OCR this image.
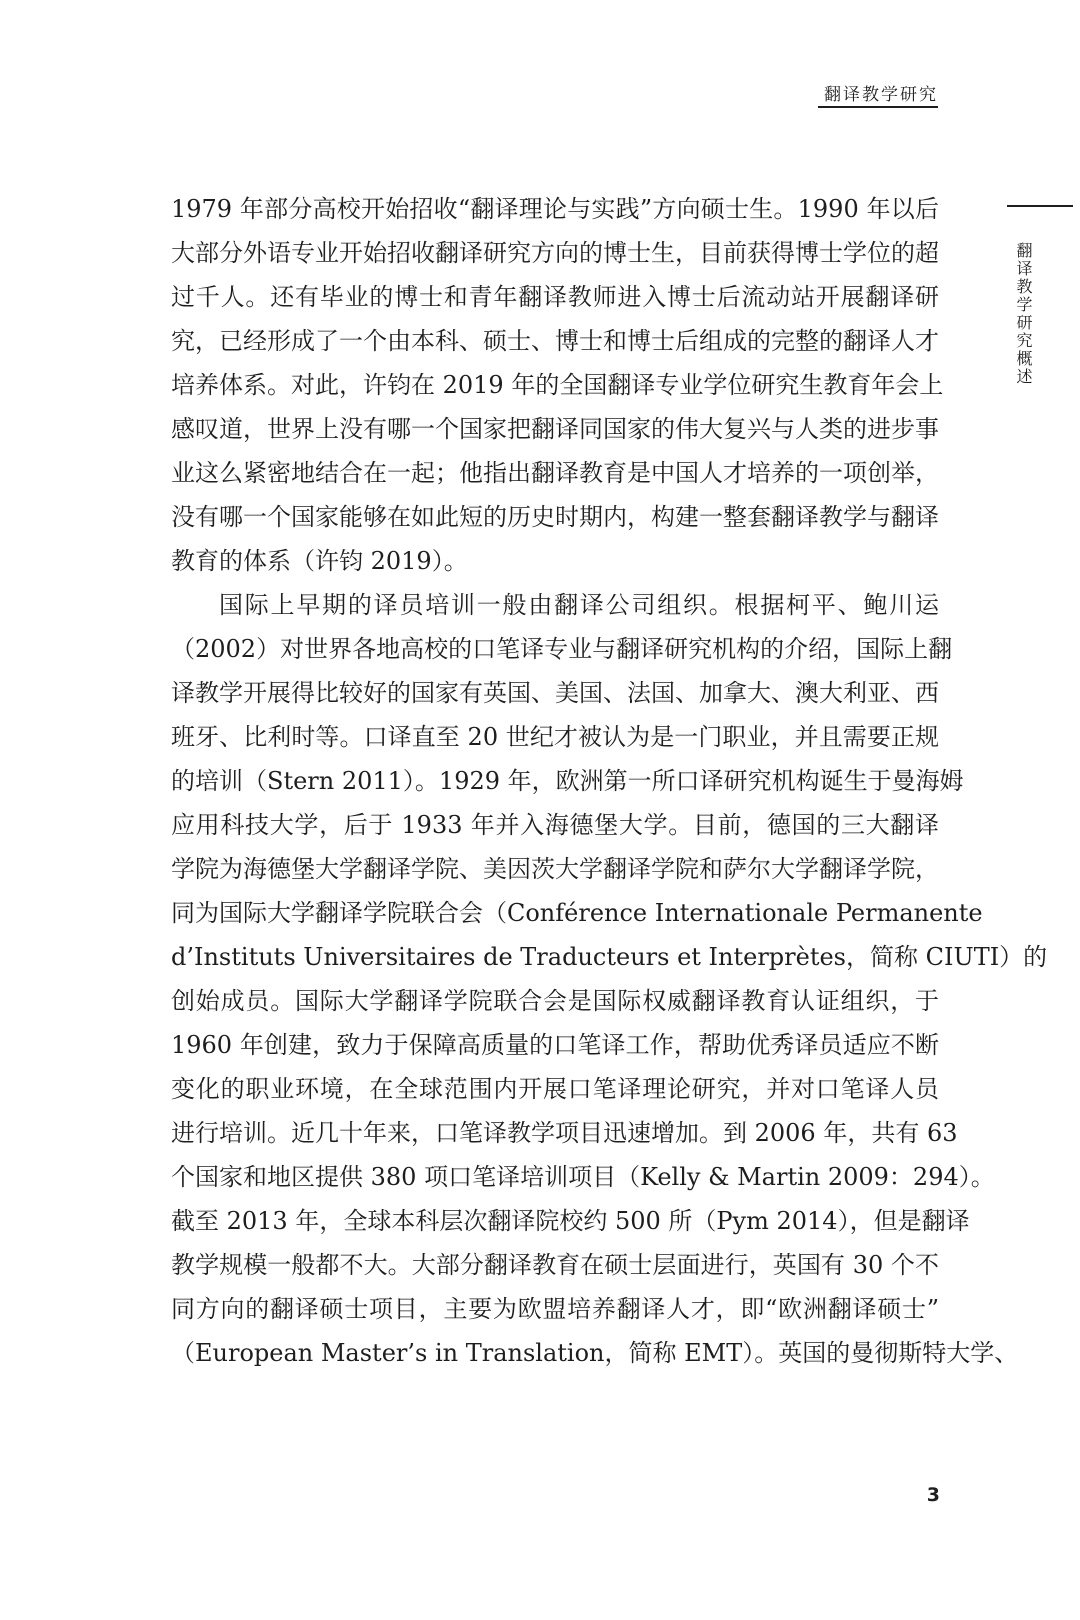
翻译教学研究
翻译教学研究概述
1979 年部分高校开始招收“翻译理论与实践”方向硕士生。1990 年以后
大部分外语专业开始招收翻译研究方向的博士生，目前获得博士学位的超
过千人。还有毕业的博士和青年翻译教师进入博士后流动站开展翻译研
究，已经形成了一个由本科、硕士、博士和博士后组成的完整的翻译人才
培养体系。对此，许钧在 2019 年的全国翻译专业学位研究生教育年会上
感叹道，世界上没有哪一个国家把翻译同国家的伟大复兴与人类的进步事
业这么紧密地结合在一起；他指出翻译教育是中国人才培养的一项创举，
没有哪一个国家能够在如此短的历史时期内，构建一整套翻译教学与翻译
教育的体系（许钧 2019）。
国际上早期的译员培训一般由翻译公司组织。根据柯平、鲍川运
（2002）对世界各地高校的口笔译专业与翻译研究机构的介绍，国际上翻
译教学开展得比较好的国家有英国、美国、法国、加拿大、澳大利亚、西
班牙、比利时等。口译直至 20 世纪才被认为是一门职业，并且需要正规
的培训（Stern 2011）。1929 年，欧洲第一所口译研究机构诞生于曼海姆
应用科技大学，后于 1933 年并入海德堡大学。目前，德国的三大翻译
学院为海德堡大学翻译学院、美因茨大学翻译学院和萨尔大学翻译学院，
同为国际大学翻译学院联合会（Conférence Internationale Permanente
d’Instituts Universitaires de Traducteurs et Interprètes，简称 CIUTI）的
创始成员。国际大学翻译学院联合会是国际权威翻译教育认证组织，于
1960 年创建，致力于保障高质量的口笔译工作，帮助优秀译员适应不断
变化的职业环境，在全球范围内开展口笔译理论研究，并对口笔译人员
进行培训。近几十年来，口笔译教学项目迅速增加。到 2006 年，共有 63
个国家和地区提供 380 项口笔译培训项目（Kelly & Martin 2009：294）。
截至 2013 年，全球本科层次翻译院校约 500 所（Pym 2014），但是翻译
教学规模一般都不大。大部分翻译教育在硕士层面进行，英国有 30 个不
同方向的翻译硕士项目，主要为欧盟培养翻译人才，即“欧洲翻译硕士”
（European Master’s in Translation，简称 EMT）。英国的曼彻斯特大学、
3
